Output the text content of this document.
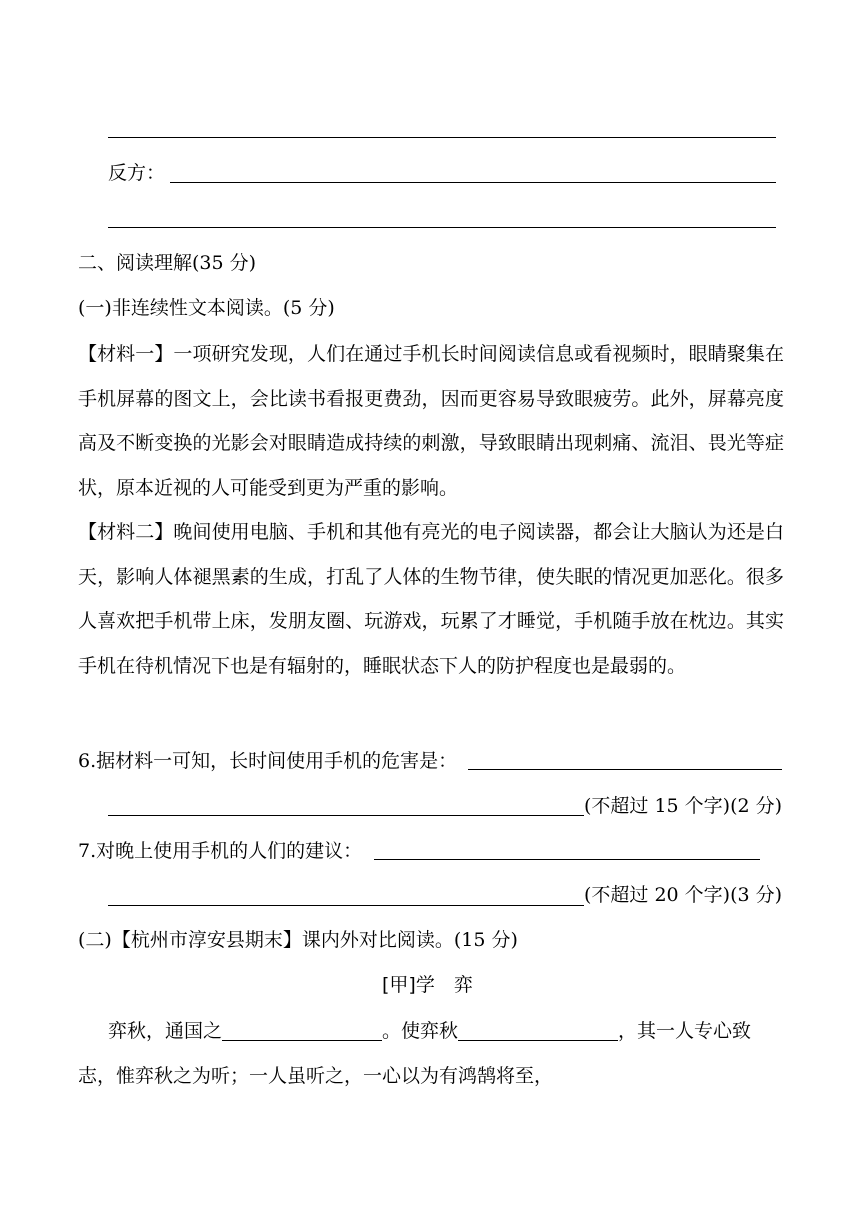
反方：
二、阅读理解(35 分)
(一)非连续性文本阅读。(5 分)
【材料一】一项研究发现，人们在通过手机长时间阅读信息或看视频时，眼睛聚集在手机屏幕的图文上，会比读书看报更费劲，因而更容易导致眼疲劳。此外，屏幕亮度高及不断变换的光影会对眼睛造成持续的刺激，导致眼睛出现刺痛、流泪、畏光等症状，原本近视的人可能受到更为严重的影响。
【材料二】晚间使用电脑、手机和其他有亮光的电子阅读器，都会让大脑认为还是白天，影响人体褪黑素的生成，打乱了人体的生物节律，使失眠的情况更加恶化。很多人喜欢把手机带上床，发朋友圈、玩游戏，玩累了才睡觉，手机随手放在枕边。其实手机在待机情况下也是有辐射的，睡眠状态下人的防护程度也是最弱的。
6.据材料一可知，长时间使用手机的危害是：
(不超过 15 个字)(2 分)
7.对晚上使用手机的人们的建议：
(不超过 20 个字)(3 分)
(二)【杭州市淳安县期末】课内外对比阅读。(15 分)
[甲]学　弈
弈秋，通国之	。使弈秋	，其一人专心致
志，惟弈秋之为听；一人虽听之，一心以为有鸿鹄将至，
